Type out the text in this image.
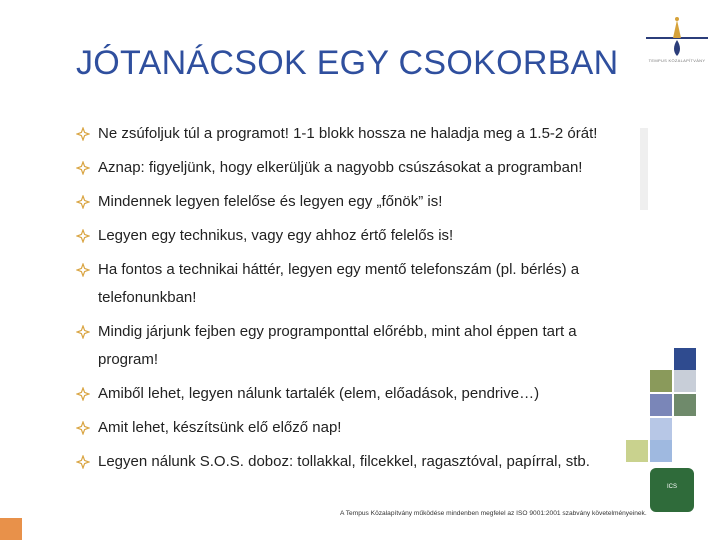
JÓTANÁCSOK EGY CSOKORBAN	TEMPUS KÖZALAPÍTVÁNY
Ne zsúfoljuk túl a programot! 1-1 blokk hossza ne haladja meg a 1.5-2 órát!
Aznap: figyeljünk, hogy elkerüljük a nagyobb csúszásokat a programban!
Mindennek legyen felelőse és legyen egy „főnök” is!
Legyen egy technikus, vagy egy ahhoz értő felelős is!
Ha fontos a technikai háttér, legyen egy mentő telefonszám (pl. bérlés) a telefonunkban!
Mindig járjunk fejben egy programponttal előrébb, mint ahol éppen tart a program!
Amiből lehet, legyen nálunk tartalék (elem, előadások, pendrive…)
Amit lehet, készítsünk elő előző nap!
Legyen nálunk S.O.S. doboz: tollakkal, filcekkel, ragasztóval, papírral, stb.
ICS
A Tempus Közalapítvány működése mindenben megfelel az ISO 9001:2001 szabvány követelményeinek.
